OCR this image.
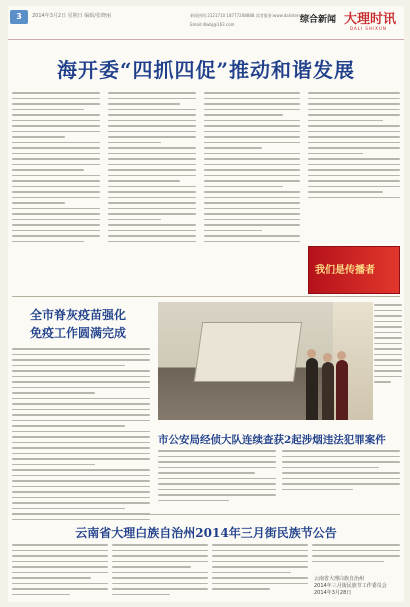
3	2014年3月2日 星期日 编辑/张晓丽	新闻热线:2121710 18777208888 读者服务:www.dalistem.com
Email:dlwbj@163.com	综合新闻 大理时讯
DALI SHIXUN
海开委“四抓四促”推动和谐发展
我们是传播者
全市脊灰疫苗强化
免疫工作圆满完成
市公安局经侦大队连续查获2起涉烟违法犯罪案件
云南省大理白族自治州2014年三月街民族节公告
云南省大理白族自治州
2014年三月街民族节工作委员会
2014年3月28日
